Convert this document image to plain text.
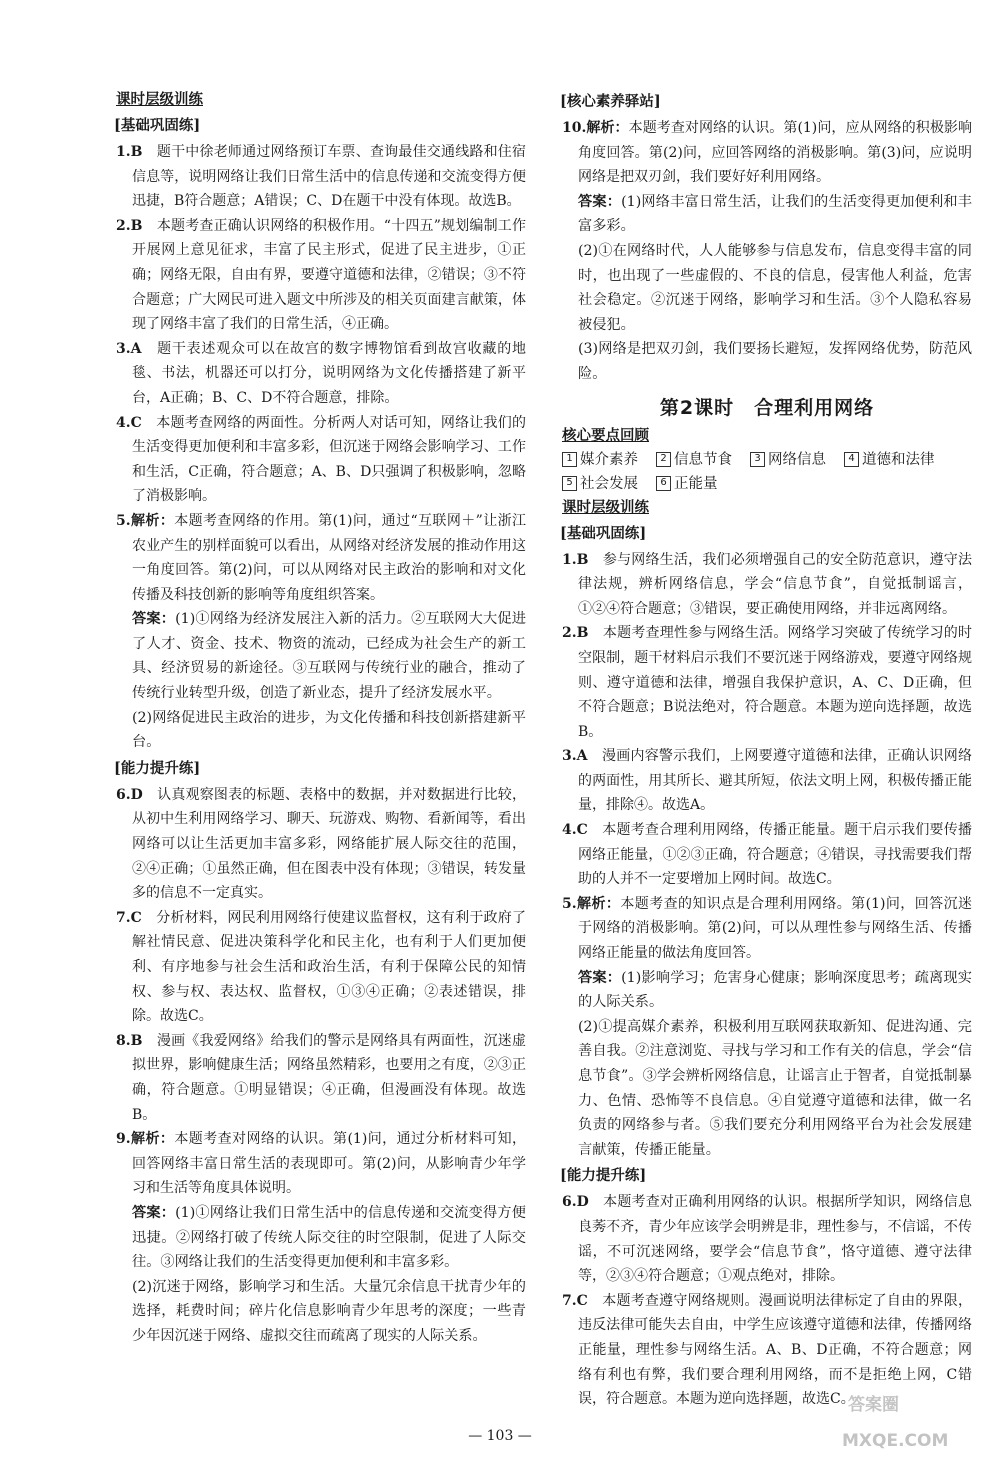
课时层级训练
[基础巩固练]
1.B　 题干中徐老师通过网络预订车票、查询最佳交通线路和住宿信息等，说明网络让我们日常生活中的信息传递和交流变得方便迅捷，B符合题意；A错误；C、D在题干中没有体现。故选B。
2.B　 本题考查正确认识网络的积极作用。“十四五”规划编制工作开展网上意见征求，丰富了民主形式，促进了民主进步，①正确；网络无限，自由有界，要遵守道德和法律，②错误；③不符合题意；广大网民可进入题文中所涉及的相关页面建言献策，体现了网络丰富了我们的日常生活，④正确。
3.A　 题干表述观众可以在故宫的数字博物馆看到故宫收藏的地毯、书法，机器还可以打分，说明网络为文化传播搭建了新平台，A正确；B、C、D不符合题意，排除。
4.C　 本题考查网络的两面性。分析两人对话可知，网络让我们的生活变得更加便利和丰富多彩，但沉迷于网络会影响学习、工作和生活，C正确，符合题意；A、B、D只强调了积极影响，忽略了消极影响。
5.解析：本题考查网络的作用。第(1)问，通过“互联网＋”让浙江农业产生的别样面貌可以看出，从网络对经济发展的推动作用这一角度回答。第(2)问，可以从网络对民主政治的影响和对文化传播及科技创新的影响等角度组织答案。
答案：(1)①网络为经济发展注入新的活力。②互联网大大促进了人才、资金、技术、物资的流动，已经成为社会生产的新工具、经济贸易的新途径。③互联网与传统行业的融合，推动了传统行业转型升级，创造了新业态，提升了经济发展水平。
(2)网络促进民主政治的进步，为文化传播和科技创新搭建新平台。
[能力提升练]
6.D　 认真观察图表的标题、表格中的数据，并对数据进行比较，从初中生利用网络学习、聊天、玩游戏、购物、看新闻等，看出网络可以让生活更加丰富多彩，网络能扩展人际交往的范围，②④正确；①虽然正确，但在图表中没有体现；③错误，转发量多的信息不一定真实。
7.C　 分析材料，网民利用网络行使建议监督权，这有利于政府了解社情民意、促进决策科学化和民主化，也有利于人们更加便利、有序地参与社会生活和政治生活，有利于保障公民的知情权、参与权、表达权、监督权，①③④正确；②表述错误，排除。故选C。
8.B　 漫画《我爱网络》给我们的警示是网络具有两面性，沉迷虚拟世界，影响健康生活；网络虽然精彩，也要用之有度，②③正确，符合题意。①明显错误；④正确，但漫画没有体现。故选B。
9.解析：本题考查对网络的认识。第(1)问，通过分析材料可知，回答网络丰富日常生活的表现即可。第(2)问，从影响青少年学习和生活等角度具体说明。
答案：(1)①网络让我们日常生活中的信息传递和交流变得方便迅捷。②网络打破了传统人际交往的时空限制，促进了人际交往。③网络让我们的生活变得更加便利和丰富多彩。
(2)沉迷于网络，影响学习和生活。大量冗余信息干扰青少年的选择，耗费时间；碎片化信息影响青少年思考的深度；一些青少年因沉迷于网络、虚拟交往而疏离了现实的人际关系。
[核心素养驿站]
10.解析：本题考查对网络的认识。第(1)问，应从网络的积极影响角度回答。第(2)问，应回答网络的消极影响。第(3)问，应说明网络是把双刃剑，我们要好好利用网络。
答案：(1)网络丰富日常生活，让我们的生活变得更加便利和丰富多彩。
(2)①在网络时代，人人能够参与信息发布，信息变得丰富的同时，也出现了一些虚假的、不良的信息，侵害他人利益，危害社会稳定。②沉迷于网络，影响学习和生活。③个人隐私容易被侵犯。
(3)网络是把双刃剑，我们要扬长避短，发挥网络优势，防范风险。
第2课时　合理利用网络
核心要点回顾
1 媒介素养	2 信息节食	3 网络信息	4 道德和法律
5 社会发展	6 正能量
课时层级训练
[基础巩固练]
1.B　 参与网络生活，我们必须增强自己的安全防范意识，遵守法律法规，辨析网络信息，学会“信息节食”，自觉抵制谣言，①②④符合题意；③错误，要正确使用网络，并非远离网络。
2.B　 本题考查理性参与网络生活。网络学习突破了传统学习的时空限制，题干材料启示我们不要沉迷于网络游戏，要遵守网络规则、遵守道德和法律，增强自我保护意识，A、C、D正确，但不符合题意；B说法绝对，符合题意。本题为逆向选择题，故选B。
3.A　 漫画内容警示我们，上网要遵守道德和法律，正确认识网络的两面性，用其所长、避其所短，依法文明上网，积极传播正能量，排除④。故选A。
4.C　 本题考查合理利用网络，传播正能量。题干启示我们要传播网络正能量，①②③正确，符合题意；④错误，寻找需要我们帮助的人并不一定要增加上网时间。故选C。
5.解析：本题考查的知识点是合理利用网络。第(1)问，回答沉迷于网络的消极影响。第(2)问，可以从理性参与网络生活、传播网络正能量的做法角度回答。
答案：(1)影响学习；危害身心健康；影响深度思考；疏离现实的人际关系。
(2)①提高媒介素养，积极利用互联网获取新知、促进沟通、完善自我。②注意浏览、寻找与学习和工作有关的信息，学会“信息节食”。③学会辨析网络信息，让谣言止于智者，自觉抵制暴力、色情、恐怖等不良信息。④自觉遵守道德和法律，做一名负责的网络参与者。⑤我们要充分利用网络平台为社会发展建言献策，传播正能量。
[能力提升练]
6.D　 本题考查对正确利用网络的认识。根据所学知识，网络信息良莠不齐，青少年应该学会明辨是非，理性参与，不信谣，不传谣，不可沉迷网络，要学会“信息节食”，恪守道德、遵守法律等，②③④符合题意；①观点绝对，排除。
7.C　 本题考查遵守网络规则。漫画说明法律标定了自由的界限，违反法律可能失去自由，中学生应该遵守道德和法律，传播网络正能量，理性参与网络生活。A、B、D正确，不符合题意；网络有利也有弊，我们要合理利用网络，而不是拒绝上网，C错误，符合题意。本题为逆向选择题，故选C。
— 103 —
答案圈
MXQE.COM
